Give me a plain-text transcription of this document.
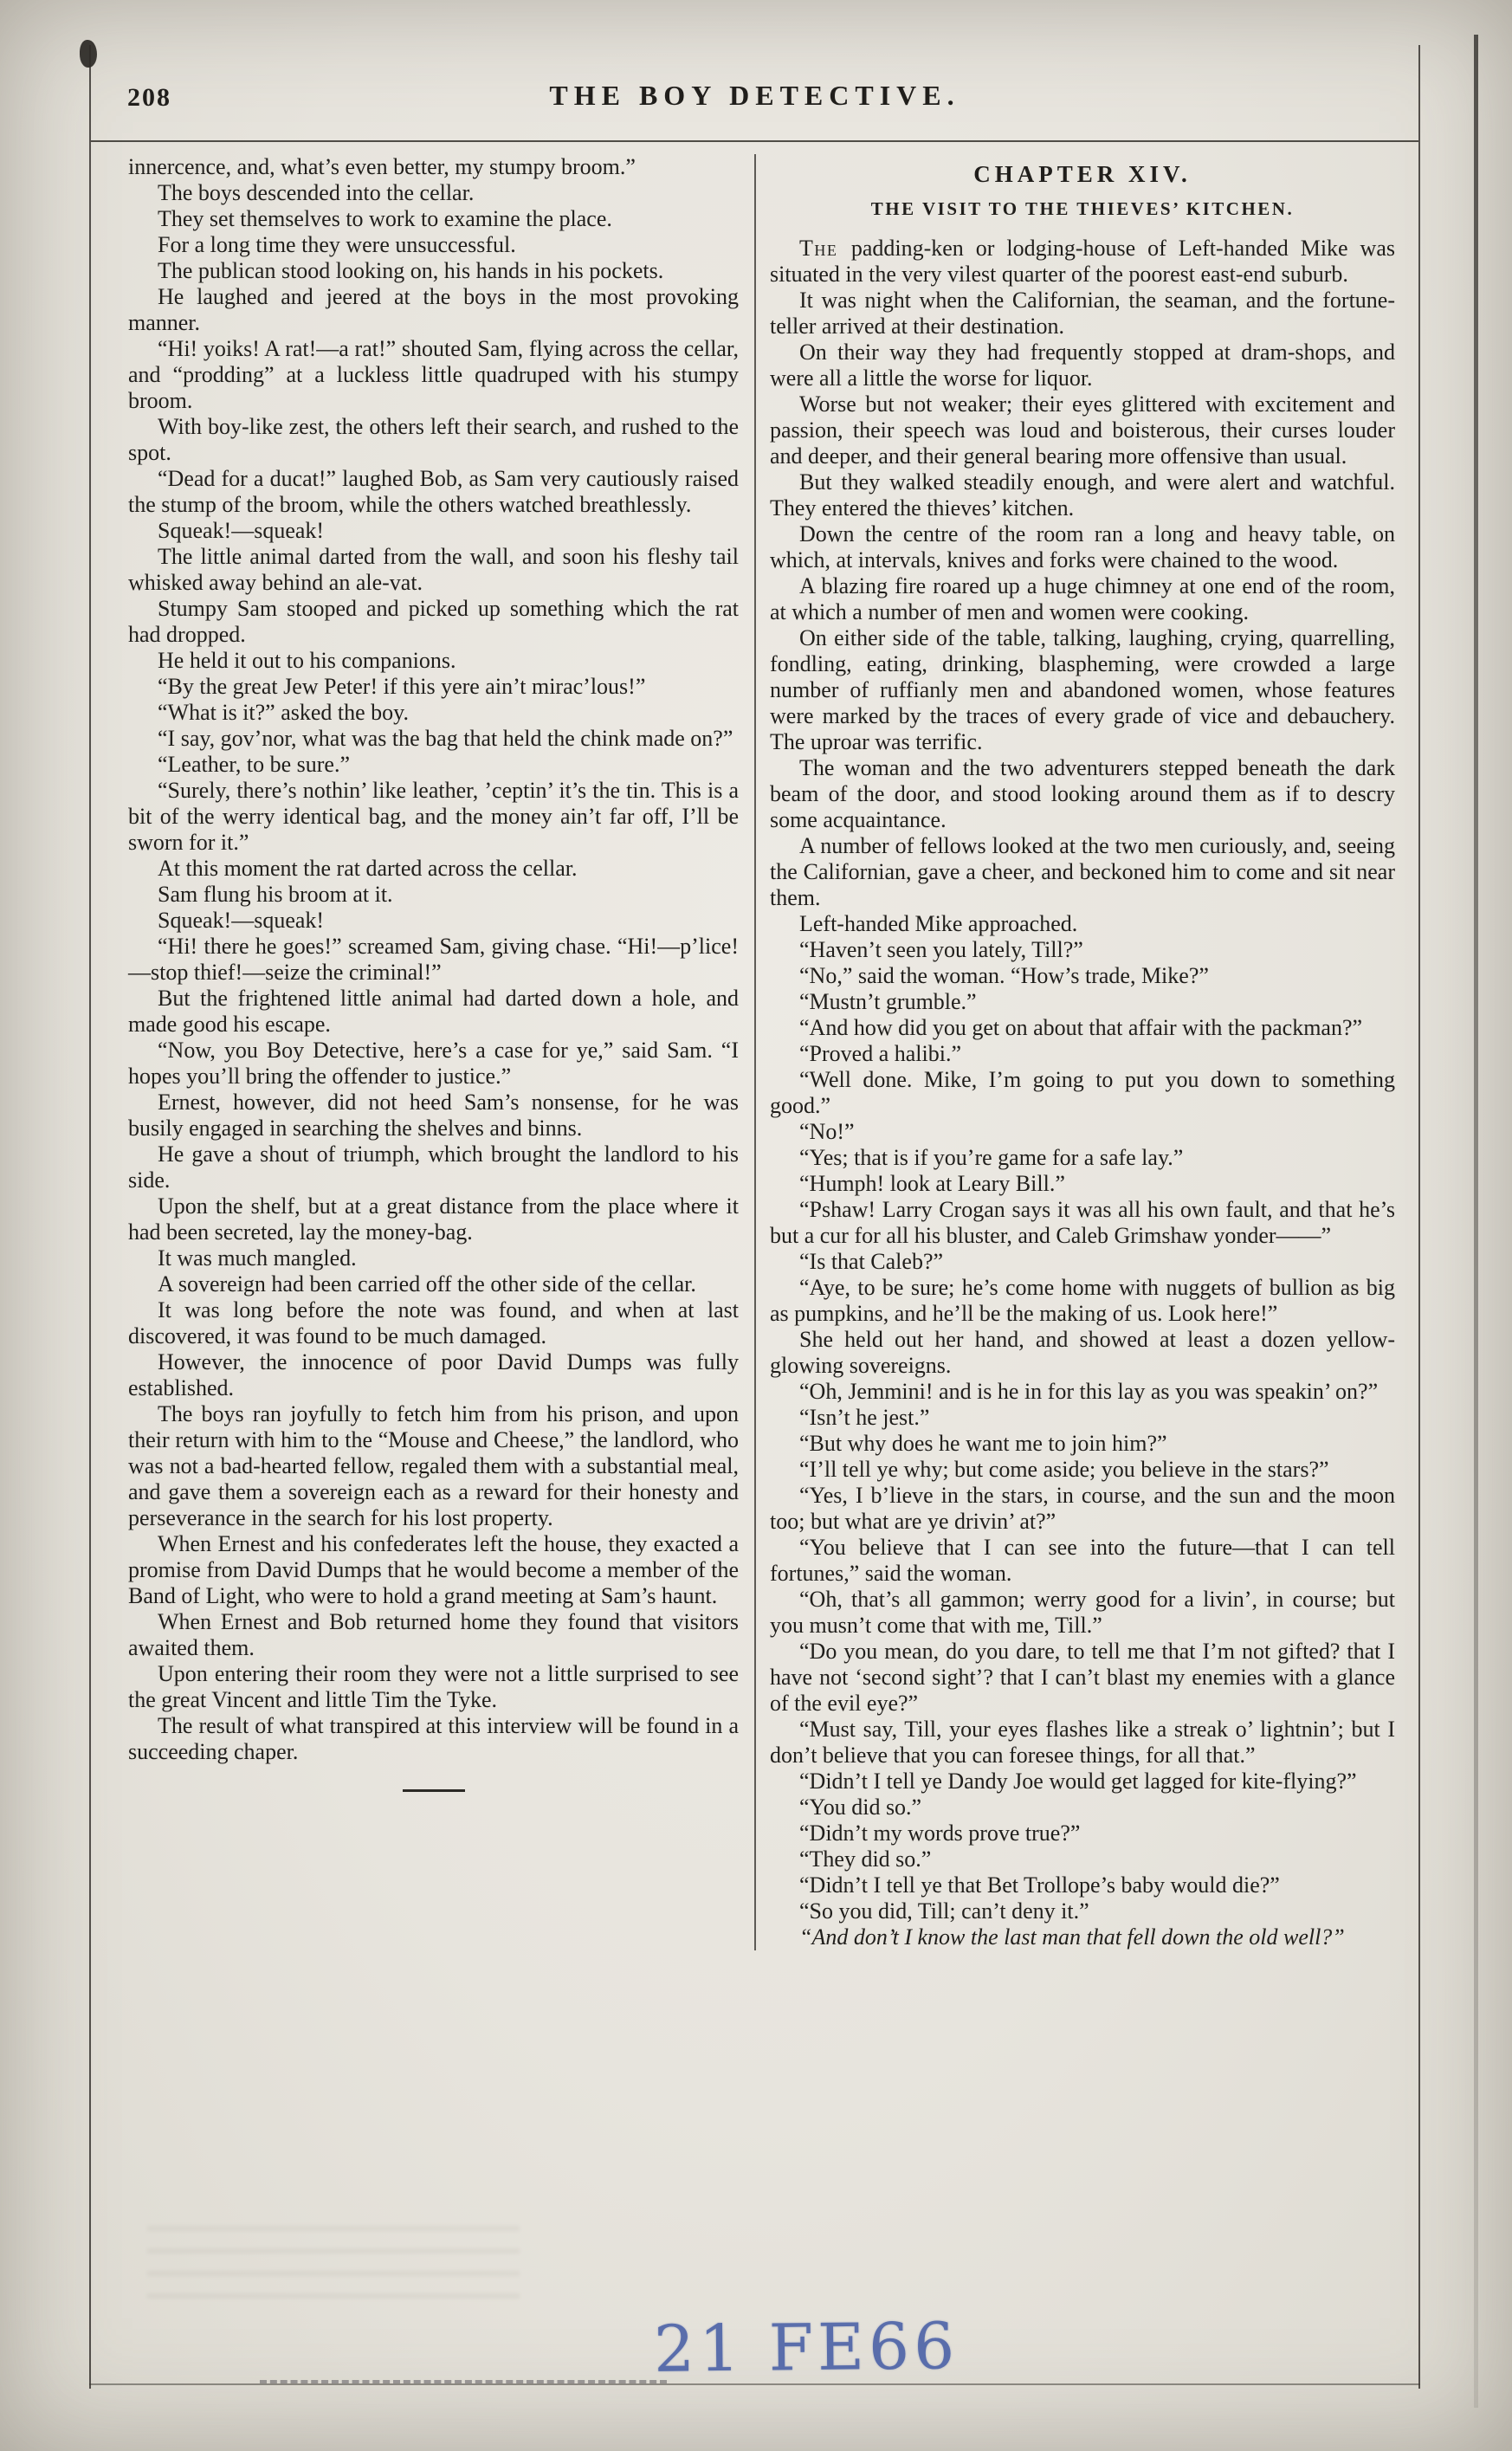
208	THE BOY DETECTIVE.

innercence, and, what’s even better, my stumpy broom.”

The boys descended into the cellar.

They set themselves to work to examine the place.

For a long time they were unsuccessful.

The publican stood looking on, his hands in his pockets.

He laughed and jeered at the boys in the most provoking manner.

“Hi! yoiks! A rat!—a rat!” shouted Sam, flying across the cellar, and “prodding” at a luckless little quadruped with his stumpy broom.

With boy-like zest, the others left their search, and rushed to the spot.

“Dead for a ducat!” laughed Bob, as Sam very cautiously raised the stump of the broom, while the others watched breathlessly.

Squeak!—squeak!

The little animal darted from the wall, and soon his fleshy tail whisked away behind an ale-vat.

Stumpy Sam stooped and picked up something which the rat had dropped.

He held it out to his companions.

“By the great Jew Peter! if this yere ain’t mirac’lous!”

“What is it?” asked the boy.

“I say, gov’nor, what was the bag that held the chink made on?”

“Leather, to be sure.”

“Surely, there’s nothin’ like leather, ’ceptin’ it’s the tin. This is a bit of the werry identical bag, and the money ain’t far off, I’ll be sworn for it.”

At this moment the rat darted across the cellar.

Sam flung his broom at it.

Squeak!—squeak!

“Hi! there he goes!” screamed Sam, giving chase. “Hi!—p’lice!—stop thief!—seize the criminal!”

But the frightened little animal had darted down a hole, and made good his escape.

“Now, you Boy Detective, here’s a case for ye,” said Sam. “I hopes you’ll bring the offender to justice.”

Ernest, however, did not heed Sam’s nonsense, for he was busily engaged in searching the shelves and binns.

He gave a shout of triumph, which brought the landlord to his side.

Upon the shelf, but at a great distance from the place where it had been secreted, lay the money-bag.

It was much mangled.

A sovereign had been carried off the other side of the cellar.

It was long before the note was found, and when at last discovered, it was found to be much damaged.

However, the innocence of poor David Dumps was fully established.

The boys ran joyfully to fetch him from his prison, and upon their return with him to the “Mouse and Cheese,” the landlord, who was not a bad-hearted fellow, regaled them with a substantial meal, and gave them a sovereign each as a reward for their honesty and perseverance in the search for his lost property.

When Ernest and his confederates left the house, they exacted a promise from David Dumps that he would become a member of the Band of Light, who were to hold a grand meeting at Sam’s haunt.

When Ernest and Bob returned home they found that visitors awaited them.

Upon entering their room they were not a little surprised to see the great Vincent and little Tim the Tyke.

The result of what transpired at this interview will be found in a succeeding chaper.

CHAPTER XIV.
THE VISIT TO THE THIEVES’ KITCHEN.

The padding-ken or lodging-house of Left-handed Mike was situated in the very vilest quarter of the poorest east-end suburb.

It was night when the Californian, the seaman, and the fortune-teller arrived at their destination.

On their way they had frequently stopped at dram-shops, and were all a little the worse for liquor.

Worse but not weaker; their eyes glittered with excitement and passion, their speech was loud and boisterous, their curses louder and deeper, and their general bearing more offensive than usual.

But they walked steadily enough, and were alert and watchful. They entered the thieves’ kitchen.

Down the centre of the room ran a long and heavy table, on which, at intervals, knives and forks were chained to the wood.

A blazing fire roared up a huge chimney at one end of the room, at which a number of men and women were cooking.

On either side of the table, talking, laughing, crying, quarrelling, fondling, eating, drinking, blaspheming, were crowded a large number of ruffianly men and abandoned women, whose features were marked by the traces of every grade of vice and debauchery. The uproar was terrific.

The woman and the two adventurers stepped beneath the dark beam of the door, and stood looking around them as if to descry some acquaintance.

A number of fellows looked at the two men curiously, and, seeing the Californian, gave a cheer, and beckoned him to come and sit near them.

Left-handed Mike approached.

“Haven’t seen you lately, Till?”

“No,” said the woman. “How’s trade, Mike?”

“Mustn’t grumble.”

“And how did you get on about that affair with the packman?”

“Proved a halibi.”

“Well done. Mike, I’m going to put you down to something good.”

“No!”

“Yes; that is if you’re game for a safe lay.”

“Humph! look at Leary Bill.”

“Pshaw! Larry Crogan says it was all his own fault, and that he’s but a cur for all his bluster, and Caleb Grimshaw yonder——”

“Is that Caleb?”

“Aye, to be sure; he’s come home with nuggets of bullion as big as pumpkins, and he’ll be the making of us. Look here!”

She held out her hand, and showed at least a dozen yellow-glowing sovereigns.

“Oh, Jemmini! and is he in for this lay as you was speakin’ on?”

“Isn’t he jest.”

“But why does he want me to join him?”

“I’ll tell ye why; but come aside; you believe in the stars?”

“Yes, I b’lieve in the stars, in course, and the sun and the moon too; but what are ye drivin’ at?”

“You believe that I can see into the future—that I can tell fortunes,” said the woman.

“Oh, that’s all gammon; werry good for a livin’, in course; but you musn’t come that with me, Till.”

“Do you mean, do you dare, to tell me that I’m not gifted? that I have not ‘second sight’? that I can’t blast my enemies with a glance of the evil eye?”

“Must say, Till, your eyes flashes like a streak o’ lightnin’; but I don’t believe that you can foresee things, for all that.”

“Didn’t I tell ye Dandy Joe would get lagged for kite-flying?”

“You did so.”

“Didn’t my words prove true?”

“They did so.”

“Didn’t I tell ye that Bet Trollope’s baby would die?”

“So you did, Till; can’t deny it.”

“And don’t I know the last man that fell down the old well?”

21 FE66
